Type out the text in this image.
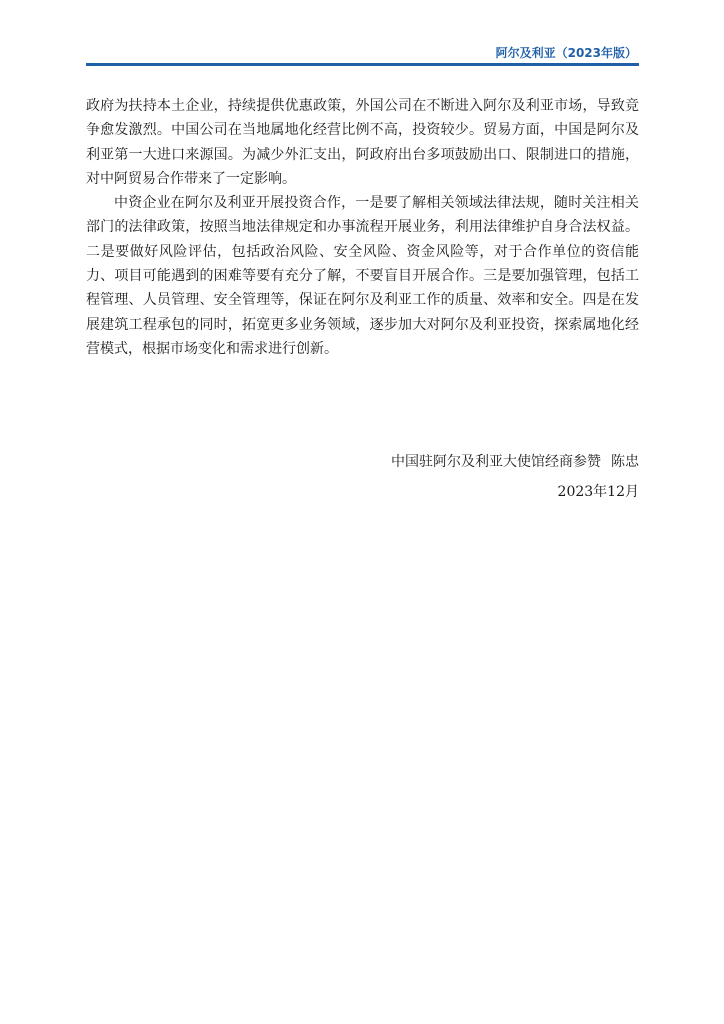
阿尔及利亚（2023年版）

政府为扶持本土企业，持续提供优惠政策，外国公司在不断进入阿尔及利亚市场，导致竞争愈发激烈。中国公司在当地属地化经营比例不高，投资较少。贸易方面，中国是阿尔及利亚第一大进口来源国。为减少外汇支出，阿政府出台多项鼓励出口、限制进口的措施，对中阿贸易合作带来了一定影响。

中资企业在阿尔及利亚开展投资合作，一是要了解相关领域法律法规，随时关注相关部门的法律政策，按照当地法律规定和办事流程开展业务，利用法律维护自身合法权益。二是要做好风险评估，包括政治风险、安全风险、资金风险等，对于合作单位的资信能力、项目可能遇到的困难等要有充分了解，不要盲目开展合作。三是要加强管理，包括工程管理、人员管理、安全管理等，保证在阿尔及利亚工作的质量、效率和安全。四是在发展建筑工程承包的同时，拓宽更多业务领域，逐步加大对阿尔及利亚投资，探索属地化经营模式，根据市场变化和需求进行创新。

中国驻阿尔及利亚大使馆经商参赞 陈忠
2023年12月
